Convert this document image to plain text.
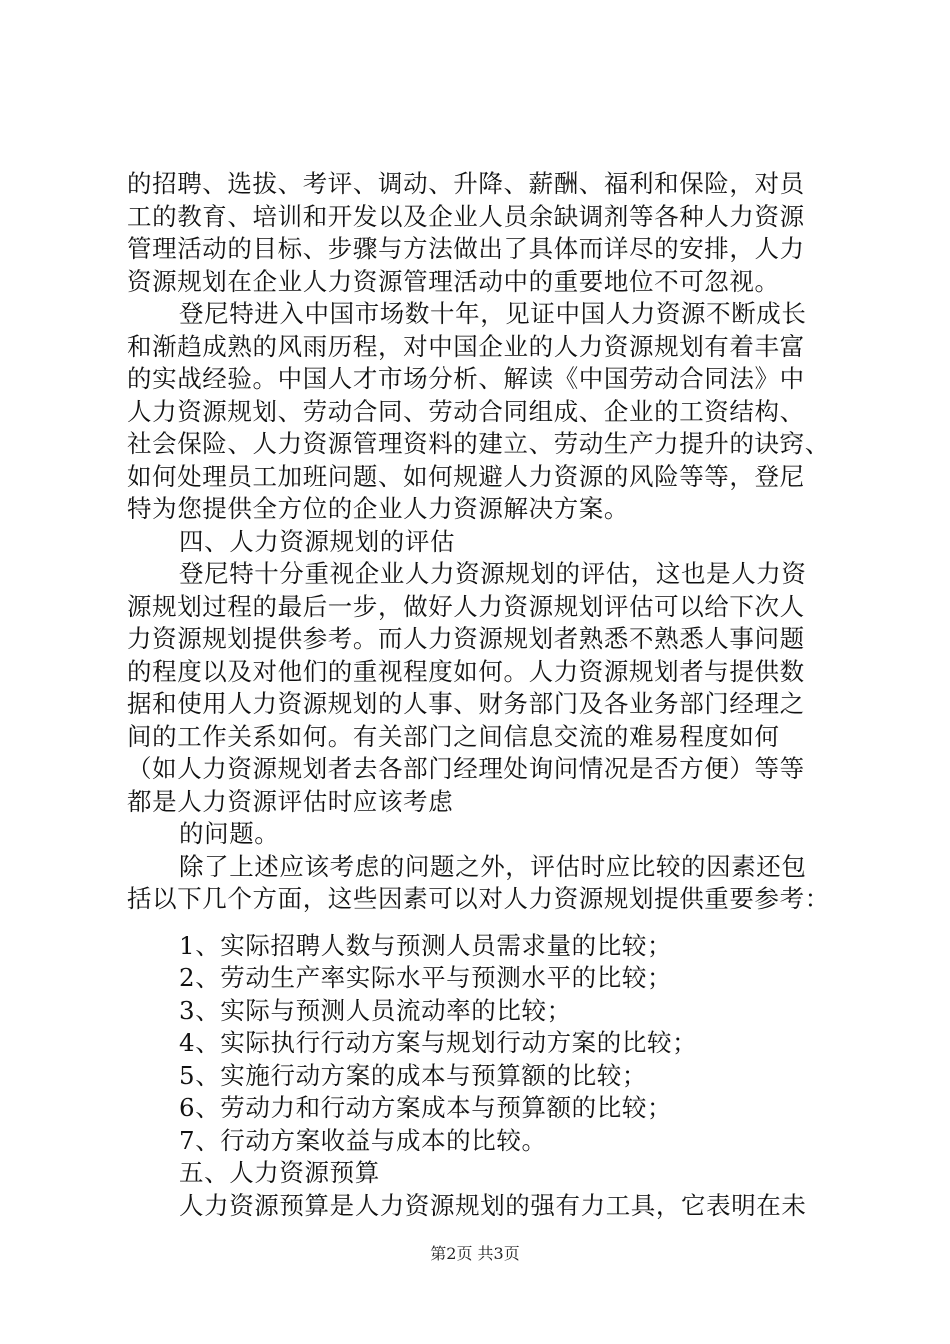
的招聘、选拔、考评、调动、升降、薪酬、福利和保险，对员
工的教育、培训和开发以及企业人员余缺调剂等各种人力资源
管理活动的目标、步骤与方法做出了具体而详尽的安排，人力
资源规划在企业人力资源管理活动中的重要地位不可忽视。
登尼特进入中国市场数十年，见证中国人力资源不断成长
和渐趋成熟的风雨历程，对中国企业的人力资源规划有着丰富
的实战经验。中国人才市场分析、解读《中国劳动合同法》中
人力资源规划、劳动合同、劳动合同组成、企业的工资结构、
社会保险、人力资源管理资料的建立、劳动生产力提升的诀窍、
如何处理员工加班问题、如何规避人力资源的风险等等，登尼
特为您提供全方位的企业人力资源解决方案。
四、人力资源规划的评估
登尼特十分重视企业人力资源规划的评估，这也是人力资
源规划过程的最后一步，做好人力资源规划评估可以给下次人
力资源规划提供参考。而人力资源规划者熟悉不熟悉人事问题
的程度以及对他们的重视程度如何。人力资源规划者与提供数
据和使用人力资源规划的人事、财务部门及各业务部门经理之
间的工作关系如何。有关部门之间信息交流的难易程度如何
（如人力资源规划者去各部门经理处询问情况是否方便）等等
都是人力资源评估时应该考虑
的问题。
除了上述应该考虑的问题之外，评估时应比较的因素还包
括以下几个方面，这些因素可以对人力资源规划提供重要参考：
1、实际招聘人数与预测人员需求量的比较；
2、劳动生产率实际水平与预测水平的比较；
3、实际与预测人员流动率的比较；
4、实际执行行动方案与规划行动方案的比较；
5、实施行动方案的成本与预算额的比较；
6、劳动力和行动方案成本与预算额的比较；
7、行动方案收益与成本的比较。
五、人力资源预算
人力资源预算是人力资源规划的强有力工具，它表明在未
第2页 共3页
